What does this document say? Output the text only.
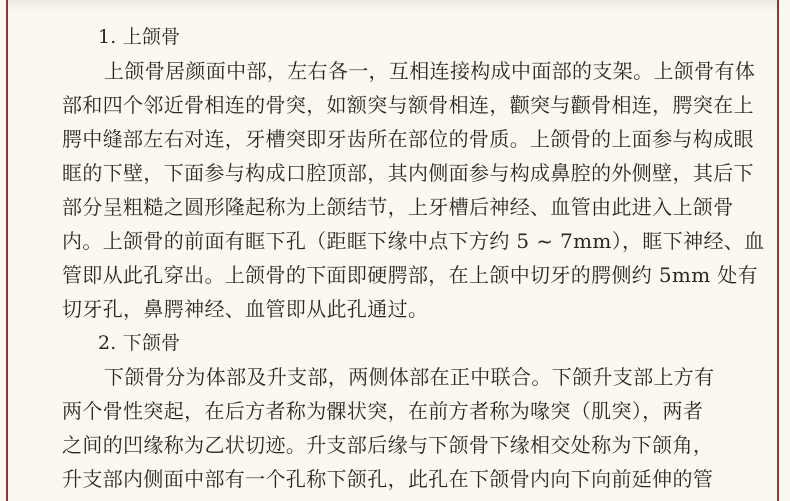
1. 上颌骨
上颌骨居颜面中部，左右各一，互相连接构成中面部的支架。上颌骨有体
部和四个邻近骨相连的骨突，如额突与额骨相连，颧突与颧骨相连，腭突在上
腭中缝部左右对连，牙槽突即牙齿所在部位的骨质。上颌骨的上面参与构成眼
眶的下壁，下面参与构成口腔顶部，其内侧面参与构成鼻腔的外侧壁，其后下
部分呈粗糙之圆形隆起称为上颌结节，上牙槽后神经、血管由此进入上颌骨
内。上颌骨的前面有眶下孔（距眶下缘中点下方约 5 ~ 7mm），眶下神经、血
管即从此孔穿出。上颌骨的下面即硬腭部，在上颌中切牙的腭侧约 5mm 处有
切牙孔，鼻腭神经、血管即从此孔通过。
2. 下颌骨
下颌骨分为体部及升支部，两侧体部在正中联合。下颌升支部上方有
两个骨性突起，在后方者称为髁状突，在前方者称为喙突（肌突），两者
之间的凹缘称为乙状切迹。升支部后缘与下颌骨下缘相交处称为下颌角，
升支部内侧面中部有一个孔称下颌孔，此孔在下颌骨内向下向前延伸的管
